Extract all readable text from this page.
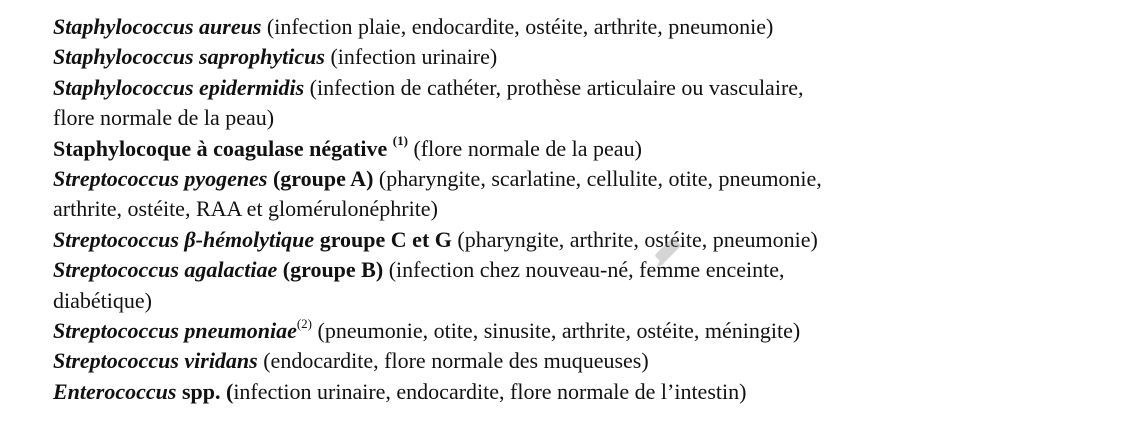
Staphylococcus aureus (infection plaie, endocardite, ostéite, arthrite, pneumonie)

Staphylococcus saprophyticus (infection urinaire)

Staphylococcus epidermidis (infection de cathéter, prothèse articulaire ou vasculaire,
flore normale de la peau)

Staphylocoque à coagulase négative $^{(1)}$ (flore normale de la peau)

Streptococcus pyogenes (groupe A) (pharyngite, scarlatine, cellulite, otite, pneumonie,
arthrite, ostéite, RAA et glomérulonéphrite)

Streptococcus β-hémolytique groupe C et G (pharyngite, arthrite, ostéite, pneumonie)

Streptococcus agalactiae (groupe B) (infection chez nouveau-né, femme enceinte,
diabétique)

Streptococcus pneumoniae$^{(2)}$ (pneumonie, otite, sinusite, arthrite, ostéite, méningite)

Streptococcus viridans (endocardite, flore normale des muqueuses)

Enterococcus spp. (infection urinaire, endocardite, flore normale de l’intestin)
